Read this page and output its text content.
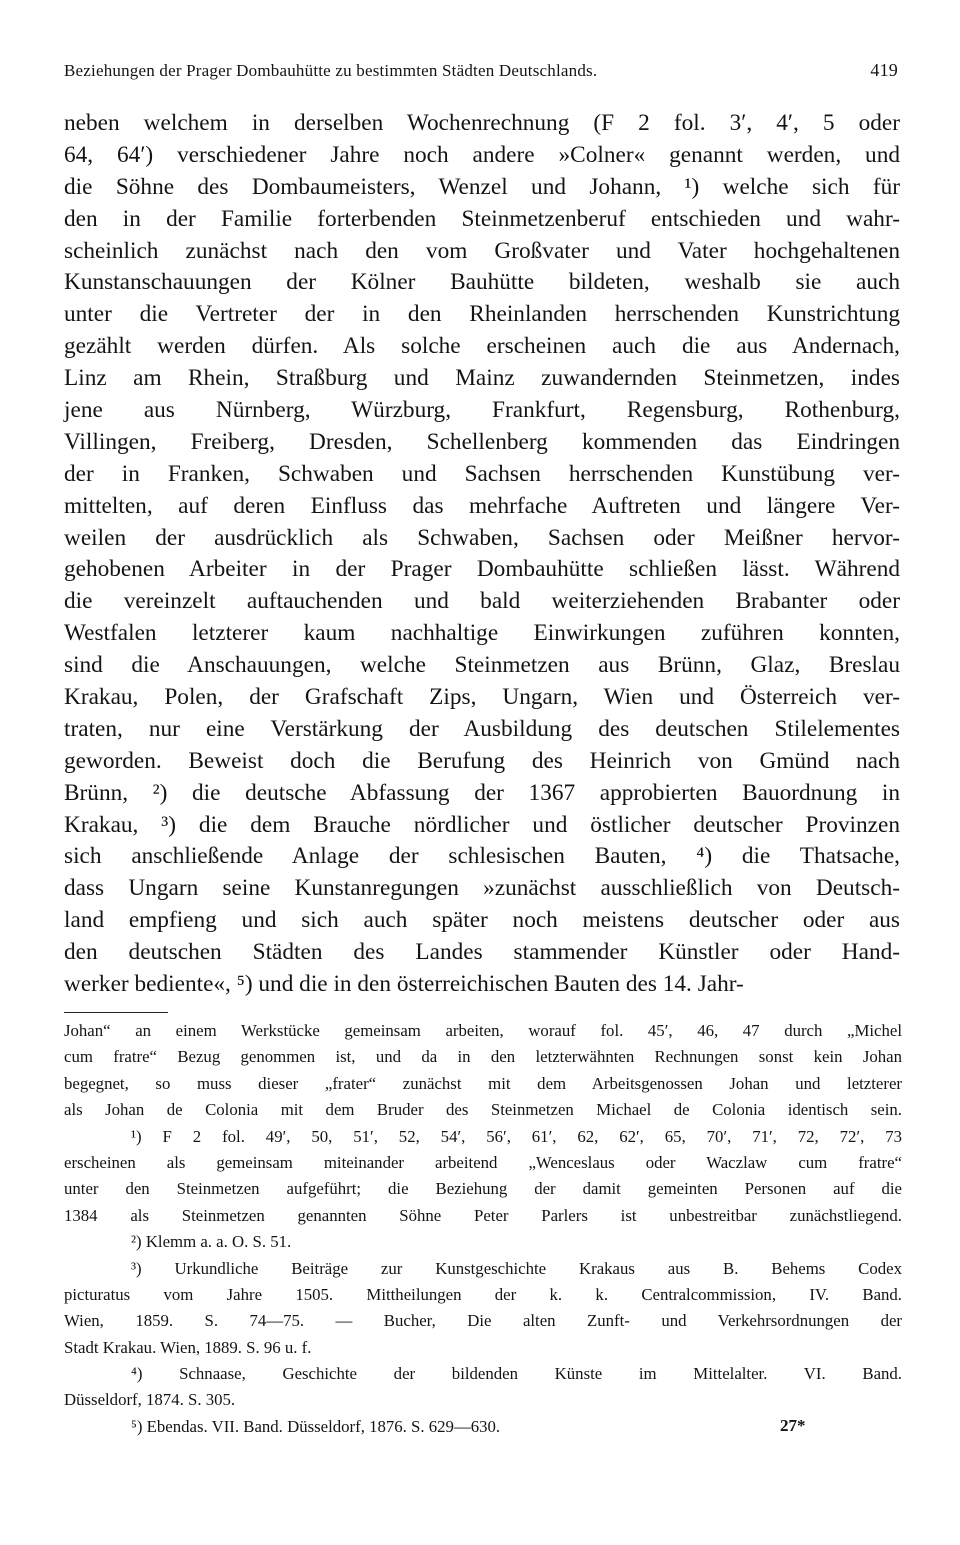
Beziehungen der Prager Dombauhütte zu bestimmten Städten Deutschlands.	419
neben welchem in derselben Wochenrechnung (F 2 fol. 3′, 4′, 5 oder
64, 64′) verschiedener Jahre noch andere »Colner« genannt werden, und
die Söhne des Dombaumeisters, Wenzel und Johann, ¹) welche sich für
den in der Familie forterbenden Steinmetzenberuf entschieden und wahr-
scheinlich zunächst nach den vom Großvater und Vater hochgehaltenen
Kunstanschauungen der Kölner Bauhütte bildeten, weshalb sie auch
unter die Vertreter der in den Rheinlanden herrschenden Kunstrichtung
gezählt werden dürfen. Als solche erscheinen auch die aus Andernach,
Linz am Rhein, Straßburg und Mainz zuwandernden Steinmetzen, indes
jene aus Nürnberg, Würzburg, Frankfurt, Regensburg, Rothenburg,
Villingen, Freiberg, Dresden, Schellenberg kommenden das Eindringen
der in Franken, Schwaben und Sachsen herrschenden Kunstübung ver-
mittelten, auf deren Einfluss das mehrfache Auftreten und längere Ver-
weilen der ausdrücklich als Schwaben, Sachsen oder Meißner hervor-
gehobenen Arbeiter in der Prager Dombauhütte schließen lässt. Während
die vereinzelt auftauchenden und bald weiterziehenden Brabanter oder
Westfalen letzterer kaum nachhaltige Einwirkungen zuführen konnten,
sind die Anschauungen, welche Steinmetzen aus Brünn, Glaz, Breslau
Krakau, Polen, der Grafschaft Zips, Ungarn, Wien und Österreich ver-
traten, nur eine Verstärkung der Ausbildung des deutschen Stilelementes
geworden. Beweist doch die Berufung des Heinrich von Gmünd nach
Brünn, ²) die deutsche Abfassung der 1367 approbierten Bauordnung in
Krakau, ³) die dem Brauche nördlicher und östlicher deutscher Provinzen
sich anschließende Anlage der schlesischen Bauten, ⁴) die Thatsache,
dass Ungarn seine Kunstanregungen »zunächst ausschließlich von Deutsch-
land empfieng und sich auch später noch meistens deutscher oder aus
den deutschen Städten des Landes stammender Künstler oder Hand-
werker bediente«, ⁵) und die in den österreichischen Bauten des 14. Jahr-
Johan“ an einem Werkstücke gemeinsam arbeiten, worauf fol. 45′, 46, 47 durch „Michel
cum fratre“ Bezug genommen ist, und da in den letzterwähnten Rechnungen sonst kein Johan
begegnet, so muss dieser „frater“ zunächst mit dem Arbeitsgenossen Johan und letzterer
als Johan de Colonia mit dem Bruder des Steinmetzen Michael de Colonia identisch sein.
¹) F 2 fol. 49′, 50, 51′, 52, 54′, 56′, 61′, 62, 62′, 65, 70′, 71′, 72, 72′, 73
erscheinen als gemeinsam miteinander arbeitend „Wenceslaus oder Waczlaw cum fratre“
unter den Steinmetzen aufgeführt; die Beziehung der damit gemeinten Personen auf die
1384 als Steinmetzen genannten Söhne Peter Parlers ist unbestreitbar zunächstliegend.
²) Klemm a. a. O. S. 51.
³) Urkundliche Beiträge zur Kunstgeschichte Krakaus aus B. Behems Codex
picturatus vom Jahre 1505. Mittheilungen der k. k. Centralcommission, IV. Band.
Wien, 1859. S. 74—75. — Bucher, Die alten Zunft- und Verkehrsordnungen der
Stadt Krakau. Wien, 1889. S. 96 u. f.
⁴) Schnaase, Geschichte der bildenden Künste im Mittelalter. VI. Band.
Düsseldorf, 1874. S. 305.
⁵) Ebendas. VII. Band. Düsseldorf, 1876. S. 629—630.	27*
